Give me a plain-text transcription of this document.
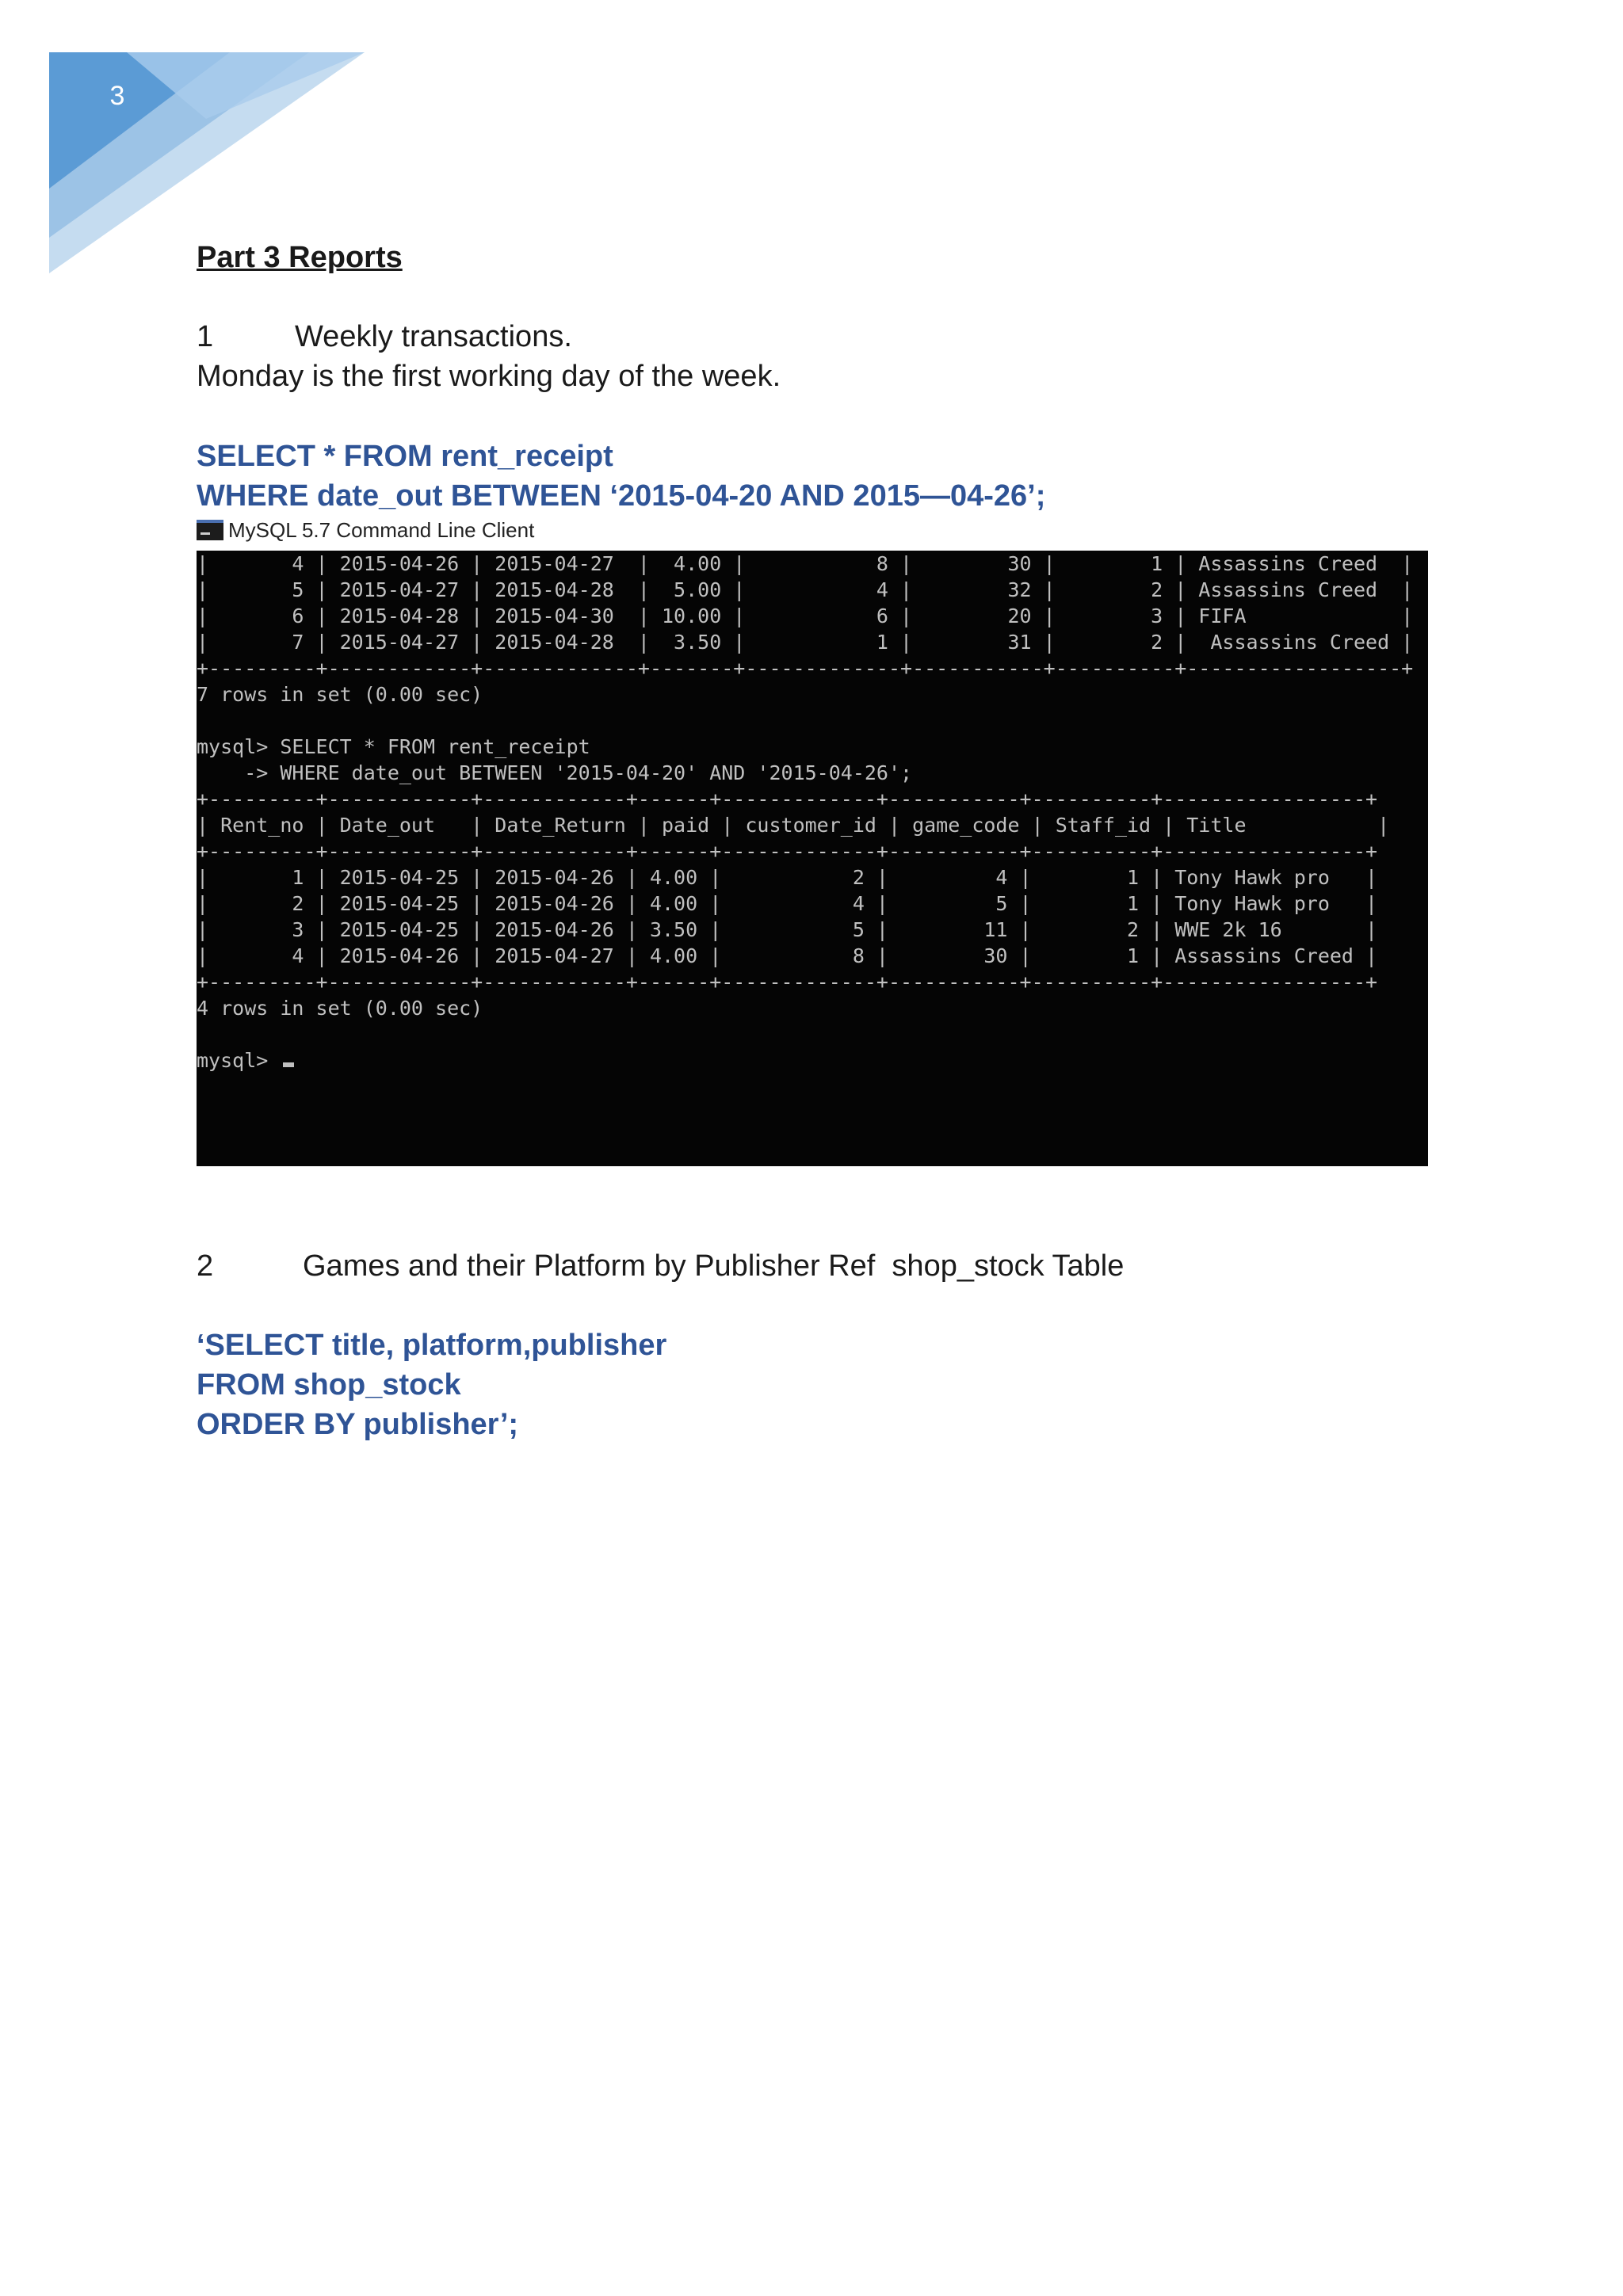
3
Part 3 Reports
1	Weekly transactions.
Monday is the first working day of the week.
SELECT * FROM rent_receipt
WHERE date_out BETWEEN ‘2015-04-20 AND 2015—04-26’;
MySQL 5.7 Command Line Client
|       4 | 2015-04-26 | 2015-04-27  |  4.00 |           8 |        30 |        1 | Assassins Creed  |
|       5 | 2015-04-27 | 2015-04-28  |  5.00 |           4 |        32 |        2 | Assassins Creed  |
|       6 | 2015-04-28 | 2015-04-30  | 10.00 |           6 |        20 |        3 | FIFA             |
|       7 | 2015-04-27 | 2015-04-28  |  3.50 |           1 |        31 |        2 |  Assassins Creed |
+---------+------------+-------------+-------+-------------+-----------+----------+------------------+
7 rows in set (0.00 sec)
mysql> SELECT * FROM rent_receipt
-> WHERE date_out BETWEEN '2015-04-20' AND '2015-04-26';
+---------+------------+------------+------+-------------+-----------+----------+-----------------+
| Rent_no | Date_out   | Date_Return | paid | customer_id | game_code | Staff_id | Title           |
+---------+------------+------------+------+-------------+-----------+----------+-----------------+
|       1 | 2015-04-25 | 2015-04-26 | 4.00 |           2 |         4 |        1 | Tony Hawk pro   |
|       2 | 2015-04-25 | 2015-04-26 | 4.00 |           4 |         5 |        1 | Tony Hawk pro   |
|       3 | 2015-04-25 | 2015-04-26 | 3.50 |           5 |        11 |        2 | WWE 2k 16       |
|       4 | 2015-04-26 | 2015-04-27 | 4.00 |           8 |        30 |        1 | Assassins Creed |
+---------+------------+------------+------+-------------+-----------+----------+-----------------+
4 rows in set (0.00 sec)
mysql>
2	Games and their Platform by Publisher Ref  shop_stock Table
‘SELECT title, platform,publisher
FROM shop_stock
ORDER BY publisher’;
